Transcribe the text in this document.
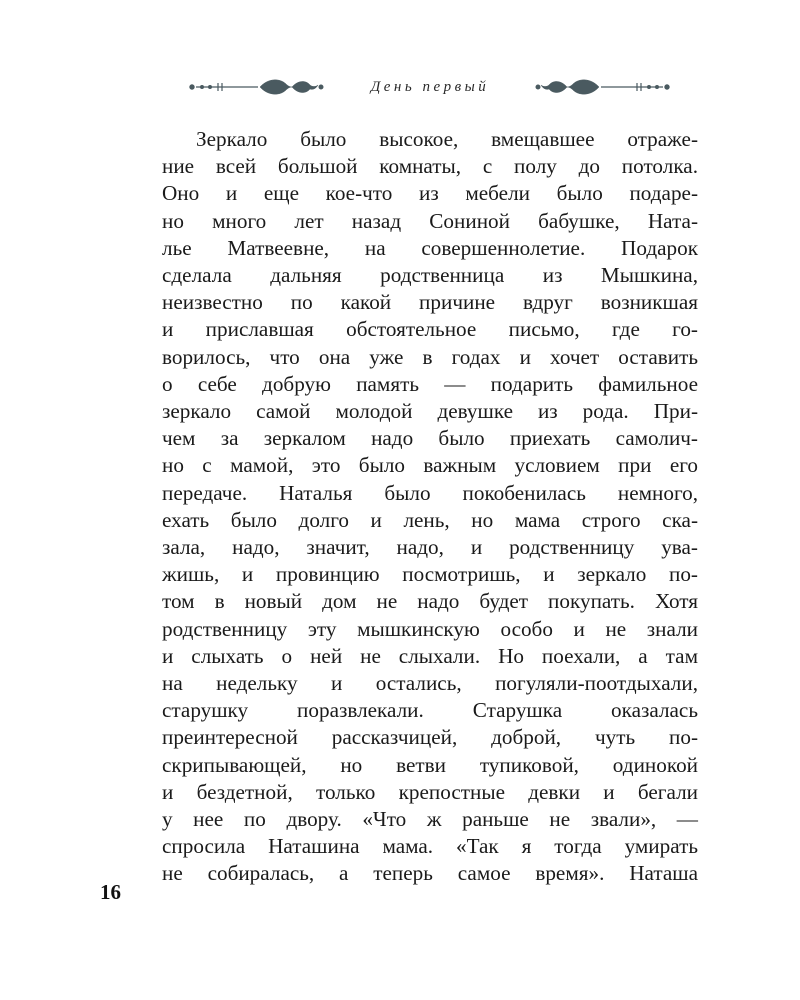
День первый
Зеркало было высокое, вмещавшее отраже-
ние всей большой комнаты, с полу до потолка.
Оно и еще кое-что из мебели было подаре-
но много лет назад Сониной бабушке, Ната-
лье Матвеевне, на совершеннолетие. Подарок
сделала дальняя родственница из Мышкина,
неизвестно по какой причине вдруг возникшая
и приславшая обстоятельное письмо, где го-
ворилось, что она уже в годах и хочет оставить
о себе добрую память — подарить фамильное
зеркало самой молодой девушке из рода. При-
чем за зеркалом надо было приехать самолич-
но с мамой, это было важным условием при его
передаче. Наталья было покобенилась немного,
ехать было долго и лень, но мама строго ска-
зала, надо, значит, надо, и родственницу ува-
жишь, и провинцию посмотришь, и зеркало по-
том в новый дом не надо будет покупать. Хотя
родственницу эту мышкинскую особо и не знали
и слыхать о ней не слыхали. Но поехали, а там
на недельку и остались, погуляли-поотдыхали,
старушку поразвлекали. Старушка оказалась
преинтересной рассказчицей, доброй, чуть по-
скрипывающей, но ветви тупиковой, одинокой
и бездетной, только крепостные девки и бегали
у нее по двору. «Что ж раньше не звали», —
спросила Наташина мама. «Так я тогда умирать
не собиралась, а теперь самое время». Наташа
16
